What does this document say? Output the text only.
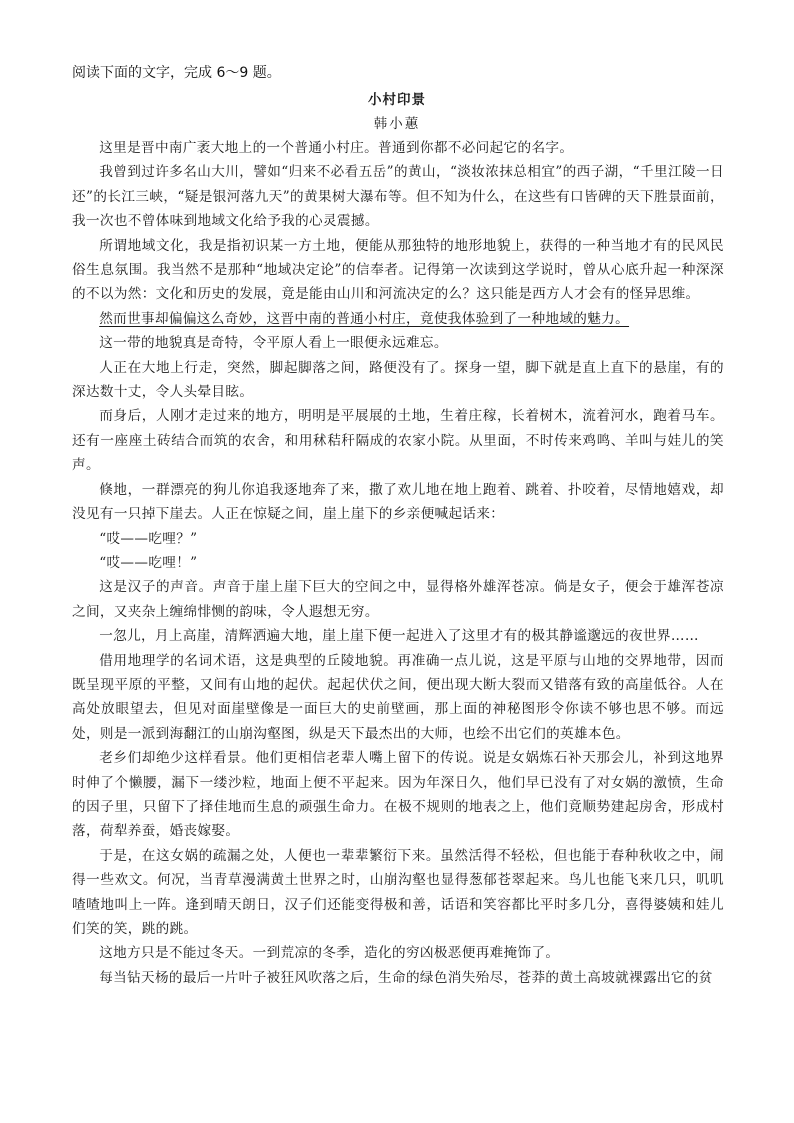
阅读下面的文字，完成 6～9 题。
小村印景
韩小蕙

这里是晋中南广袤大地上的一个普通小村庄。普通到你都不必问起它的名字。

我曾到过许多名山大川，譬如“归来不必看五岳”的黄山，“淡妆浓抹总相宜”的西子湖，“千里江陵一日还”的长江三峡，“疑是银河落九天”的黄果树大瀑布等。但不知为什么，在这些有口皆碑的天下胜景面前，我一次也不曾体味到地域文化给予我的心灵震撼。

所谓地域文化，我是指初识某一方土地，便能从那独特的地形地貌上，获得的一种当地才有的民风民俗生息氛围。我当然不是那种“地域决定论”的信奉者。记得第一次读到这学说时，曾从心底升起一种深深的不以为然：文化和历史的发展，竟是能由山川和河流决定的么？这只能是西方人才会有的怪异思维。

然而世事却偏偏这么奇妙，这晋中南的普通小村庄，竟使我体验到了一种地域的魅力。

这一带的地貌真是奇特，令平原人看上一眼便永远难忘。

人正在大地上行走，突然，脚起脚落之间，路便没有了。探身一望，脚下就是直上直下的悬崖，有的深达数十丈，令人头晕目眩。

而身后，人刚才走过来的地方，明明是平展展的土地，生着庄稼，长着树木，流着河水，跑着马车。还有一座座土砖结合而筑的农舍，和用秫秸秆隔成的农家小院。从里面，不时传来鸡鸣、羊叫与娃儿的笑声。

倏地，一群漂亮的狗儿你追我逐地奔了来，撒了欢儿地在地上跑着、跳着、扑咬着，尽情地嬉戏，却没见有一只掉下崖去。人正在惊疑之间，崖上崖下的乡亲便喊起话来：

“哎——吃哩？”

“哎——吃哩！”

这是汉子的声音。声音于崖上崖下巨大的空间之中，显得格外雄浑苍凉。倘是女子，便会于雄浑苍凉之间，又夹杂上缠绵悱恻的韵味，令人遐想无穷。

一忽儿，月上高崖，清辉洒遍大地，崖上崖下便一起进入了这里才有的极其静谧邈远的夜世界……

借用地理学的名词术语，这是典型的丘陵地貌。再准确一点儿说，这是平原与山地的交界地带，因而既呈现平原的平整，又间有山地的起伏。起起伏伏之间，便出现大断大裂而又错落有致的高崖低谷。人在高处放眼望去，但见对面崖壁像是一面巨大的史前壁画，那上面的神秘图形令你读不够也思不够。而远处，则是一派到海翻江的山崩沟壑图，纵是天下最杰出的大师，也绘不出它们的英雄本色。

老乡们却绝少这样看景。他们更相信老辈人嘴上留下的传说。说是女娲炼石补天那会儿，补到这地界时伸了个懒腰，漏下一缕沙粒，地面上便不平起来。因为年深日久，他们早已没有了对女娲的激愤，生命的因子里，只留下了择佳地而生息的顽强生命力。在极不规则的地表之上，他们竟顺势建起房舍，形成村落，荷犁养蚕，婚丧嫁娶。

于是，在这女娲的疏漏之处，人便也一辈辈繁衍下来。虽然活得不轻松，但也能于春种秋收之中，闹得一些欢文。何况，当青草漫满黄土世界之时，山崩沟壑也显得葱郁苍翠起来。鸟儿也能飞来几只，叽叽喳喳地叫上一阵。逢到晴天朗日，汉子们还能变得极和善，话语和笑容都比平时多几分，喜得婆姨和娃儿们笑的笑，跳的跳。

这地方只是不能过冬天。一到荒凉的冬季，造化的穷凶极恶便再难掩饰了。

每当钻天杨的最后一片叶子被狂风吹落之后，生命的绿色消失殆尽，苍莽的黄土高坡就裸露出它的贫
